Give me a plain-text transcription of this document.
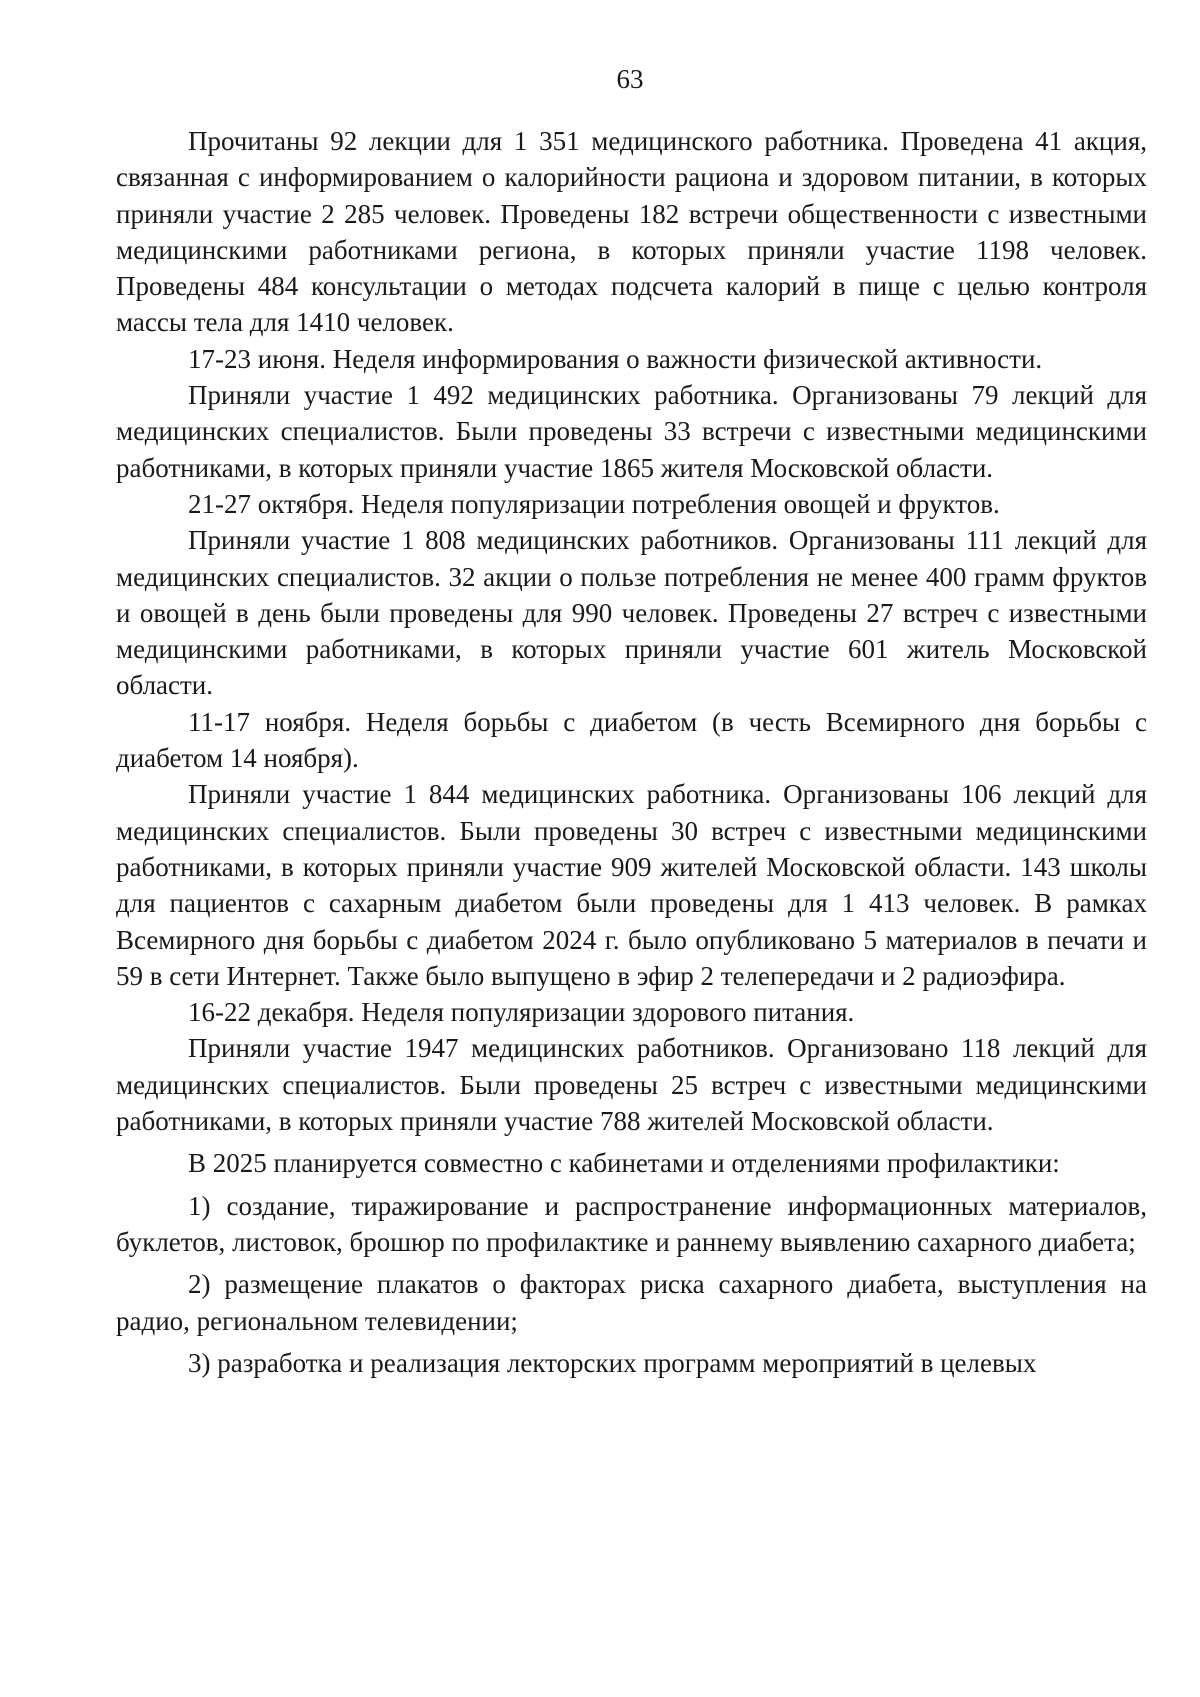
63

Прочитаны 92 лекции для 1 351 медицинского работника. Проведена 41 акция, связанная с информированием о калорийности рациона и здоровом питании, в которых приняли участие 2 285 человек. Проведены 182 встречи общественности с известными медицинскими работниками региона, в которых приняли участие 1198 человек. Проведены 484 консультации о методах подсчета калорий в пище с целью контроля массы тела для 1410 человек.

17-23 июня. Неделя информирования о важности физической активности.

Приняли участие 1 492 медицинских работника. Организованы 79 лекций для медицинских специалистов. Были проведены 33 встречи с известными медицинскими работниками, в которых приняли участие 1865 жителя Московской области.

21-27 октября. Неделя популяризации потребления овощей и фруктов.

Приняли участие 1 808 медицинских работников. Организованы 111 лекций для медицинских специалистов. 32 акции о пользе потребления не менее 400 грамм фруктов и овощей в день были проведены для 990 человек. Проведены 27 встреч с известными медицинскими работниками, в которых приняли участие 601 житель Московской области.

11-17 ноября. Неделя борьбы с диабетом (в честь Всемирного дня борьбы с диабетом 14 ноября).

Приняли участие 1 844 медицинских работника. Организованы 106 лекций для медицинских специалистов. Были проведены 30 встреч с известными медицинскими работниками, в которых приняли участие 909 жителей Московской области. 143 школы для пациентов с сахарным диабетом были проведены для 1 413 человек. В рамках Всемирного дня борьбы с диабетом 2024 г. было опубликовано 5 материалов в печати и 59 в сети Интернет. Также было выпущено в эфир 2 телепередачи и 2 радиоэфира.

16-22 декабря. Неделя популяризации здорового питания.

Приняли участие 1947 медицинских работников. Организовано 118 лекций для медицинских специалистов. Были проведены 25 встреч с известными медицинскими работниками, в которых приняли участие 788 жителей Московской области.

В 2025 планируется совместно с кабинетами и отделениями профилактики:

1) создание, тиражирование и распространение информационных материалов, буклетов, листовок, брошюр по профилактике и раннему выявлению сахарного диабета;

2) размещение плакатов о факторах риска сахарного диабета, выступления на радио, региональном телевидении;

3) разработка и реализация лекторских программ мероприятий в целевых
